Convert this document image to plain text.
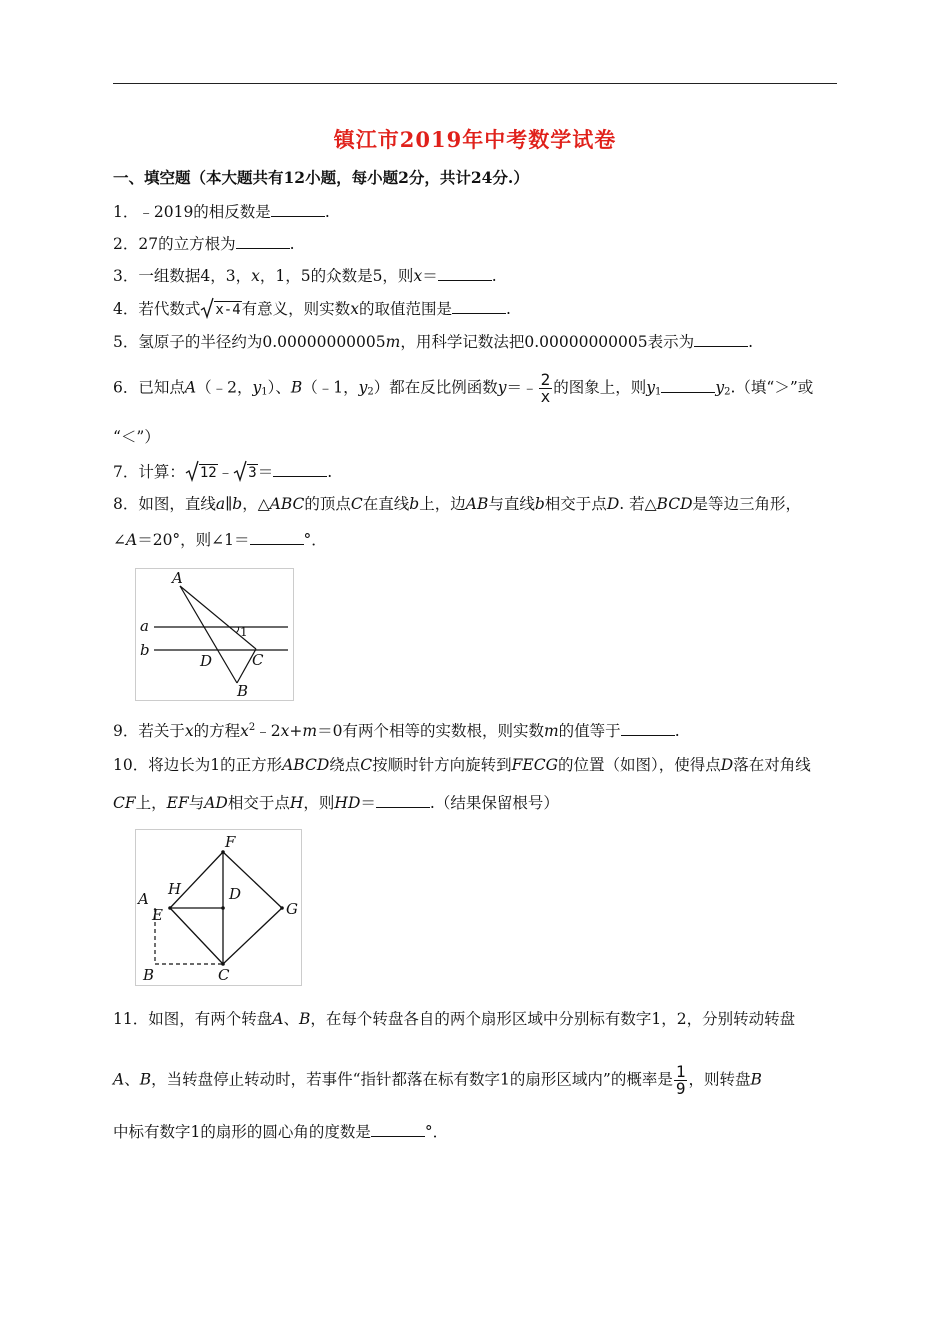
镇江市2019年中考数学试卷
一、填空题（本大题共有12小题，每小题2分，共计24分.）
1．﹣2019的相反数是	.
2．27的立方根为	.
3．一组数据4，3，x，1，5的众数是5，则x＝	.
4．若代数式 x-4有意义，则实数x的取值范围是	.
5．氢原子的半径约为0.00000000005m，用科学记数法把0.00000000005表示为	.
6．已知点A（﹣2，$y_1$）、B（﹣1，$y_2$）都在反比例函数y＝﹣ $\frac{2}{x}$ 的图象上，则$y_1$	$y_2$.（填“＞”或
“＜”）
7．计算： 12﹣ 3＝	.
8．如图，直线a∥b，△ABC的顶点C在直线b上，边AB与直线b相交于点D. 若△BCD是等边三角形，
∠A＝20°，则∠1＝	°．
A
a
b
D	C
B
1
9．若关于x的方程$x^2﹣2x+m=0$有两个相等的实数根，则实数m的值等于	.
10．将边长为1的正方形ABCD绕点C按顺时针方向旋转到FECG的位置（如图），使得点D落在对角线
CF上，EF与AD相交于点H，则HD＝	.（结果保留根号）
F
A
H	D
G
E
B	C
11．如图，有两个转盘A、B，在每个转盘各自的两个扇形区域中分别标有数字1，2，分别转动转盘
A、B，当转盘停止转动时，若事件“指针都落在标有数字1的扇形区域内”的概率是 $\frac{1}{9}$ ，则转盘B
中标有数字1的扇形的圆心角的度数是	°．
